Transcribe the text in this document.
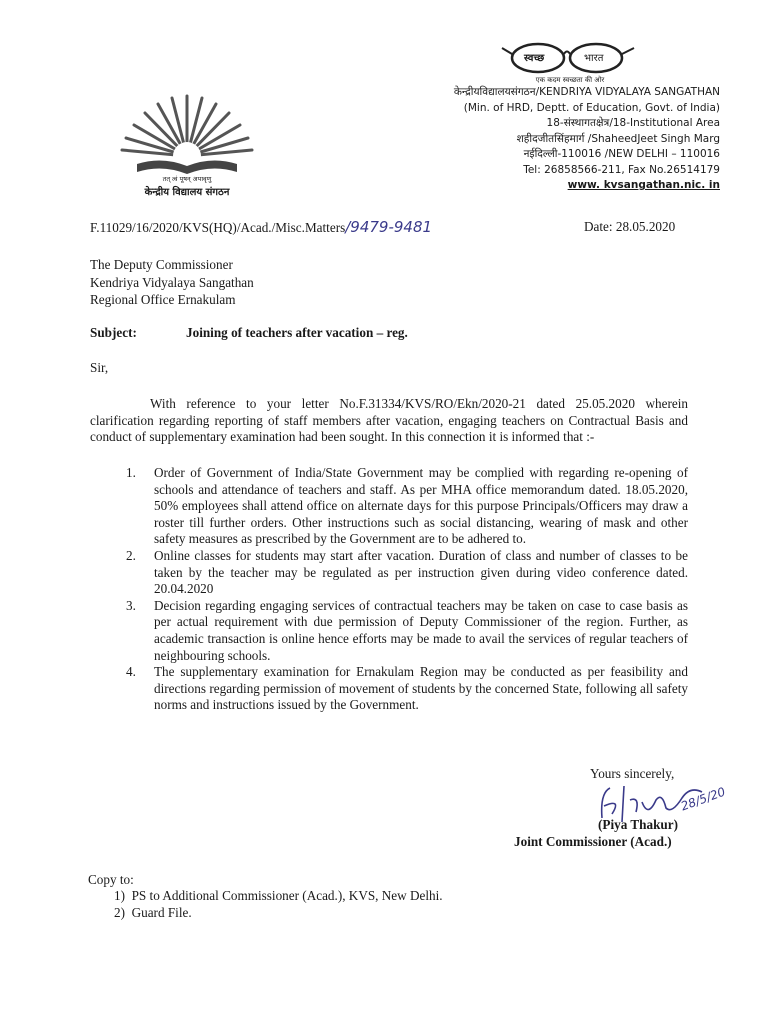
स्वच्छ	भारत
एक कदम स्वच्छता की ओर
तत् त्वं पूषन् अपावृणु
केन्द्रीय विद्यालय संगठन
केन्द्रीयविद्यालयसंगठन/KENDRIYA VIDYALAYA SANGATHAN
(Min. of HRD, Deptt. of Education, Govt. of India)
18-संस्थागतक्षेत्र/18-Institutional Area
शहीदजीतसिंहमार्ग /ShaheedJeet Singh Marg
नईदिल्ली-110016 /NEW DELHI – 110016
Tel: 26858566-211, Fax No.26514179
www. kvsangathan.nic. in
F.11029/16/2020/KVS(HQ)/Acad./Misc.Matters/9479-9481	Date: 28.05.2020
The Deputy Commissioner
Kendriya Vidyalaya Sangathan
Regional Office Ernakulam
Subject:	Joining of teachers after vacation – reg.
Sir,
With reference to your letter No.F.31334/KVS/RO/Ekn/2020-21 dated 25.05.2020 wherein clarification regarding reporting of staff members after vacation, engaging teachers on Contractual Basis and conduct of supplementary examination had been sought. In this connection it is informed that :-
1. Order of Government of India/State Government may be complied with regarding re-opening of schools and attendance of teachers and staff. As per MHA office memorandum dated. 18.05.2020, 50% employees shall attend office on alternate days for this purpose Principals/Officers may draw a roster till further orders. Other instructions such as social distancing, wearing of mask and other safety measures as prescribed by the Government are to be adhered to.
2. Online classes for students may start after vacation. Duration of class and number of classes to be taken by the teacher may be regulated as per instruction given during video conference dated. 20.04.2020
3. Decision regarding engaging services of contractual teachers may be taken on case to case basis as per actual requirement with due permission of Deputy Commissioner of the region. Further, as academic transaction is online hence efforts may be made to avail the services of regular teachers of neighbouring schools.
4. The supplementary examination for Ernakulam Region may be conducted as per feasibility and directions regarding permission of movement of students by the concerned State, following all safety norms and instructions issued by the Government.
Yours sincerely,
28/5/20
(Piya Thakur)
Joint Commissioner (Acad.)
Copy to:
1)  PS to Additional Commissioner (Acad.), KVS, New Delhi.
2)  Guard File.
